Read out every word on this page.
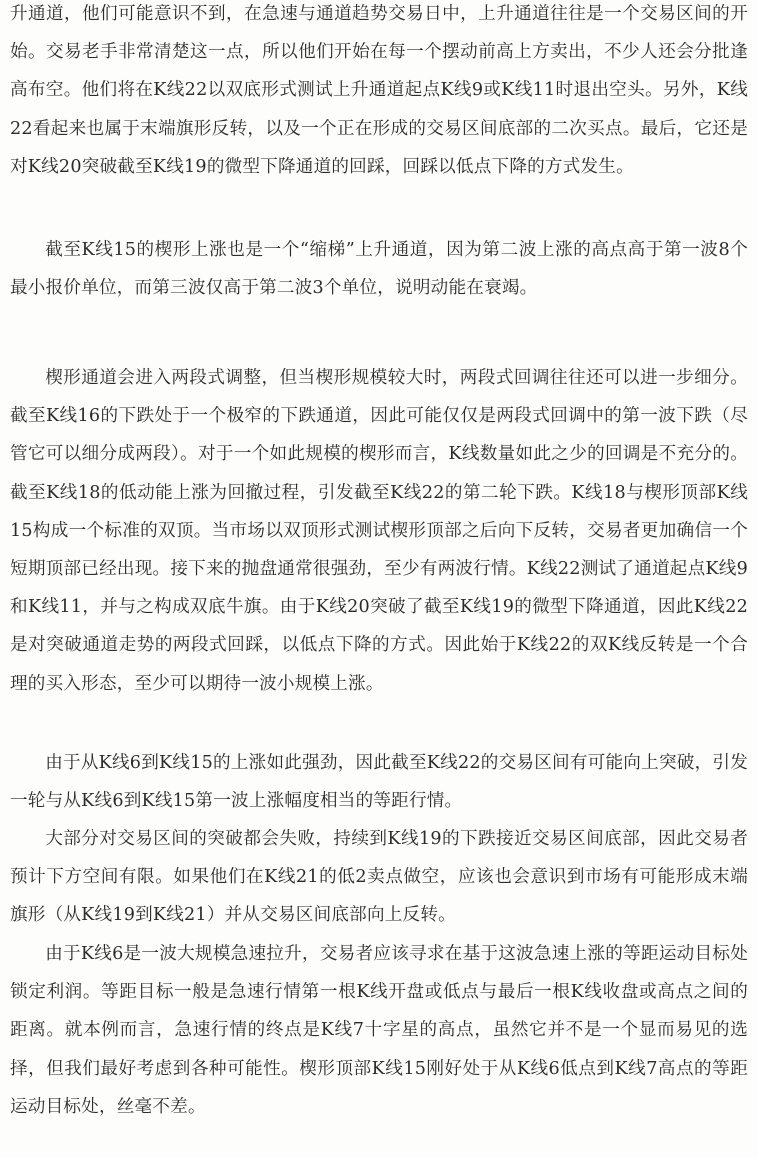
升通道，他们可能意识不到，在急速与通道趋势交易日中，上升通道往往是一个交易区间的开始。交易老手非常清楚这一点，所以他们开始在每一个摆动前高上方卖出，不少人还会分批逢高布空。他们将在K线22以双底形式测试上升通道起点K线9或K线11时退出空头。另外，K线22看起来也属于末端旗形反转，以及一个正在形成的交易区间底部的二次买点。最后，它还是对K线20突破截至K线19的微型下降通道的回踩，回踩以低点下降的方式发生。

截至K线15的楔形上涨也是一个“缩梯”上升通道，因为第二波上涨的高点高于第一波8个最小报价单位，而第三波仅高于第二波3个单位，说明动能在衰竭。

楔形通道会进入两段式调整，但当楔形规模较大时，两段式回调往往还可以进一步细分。截至K线16的下跌处于一个极窄的下跌通道，因此可能仅仅是两段式回调中的第一波下跌（尽管它可以细分成两段）。对于一个如此规模的楔形而言，K线数量如此之少的回调是不充分的。截至K线18的低动能上涨为回撤过程，引发截至K线22的第二轮下跌。K线18与楔形顶部K线15构成一个标准的双顶。当市场以双顶形式测试楔形顶部之后向下反转，交易者更加确信一个短期顶部已经出现。接下来的抛盘通常很强劲，至少有两波行情。K线22测试了通道起点K线9和K线11，并与之构成双底牛旗。由于K线20突破了截至K线19的微型下降通道，因此K线22是对突破通道走势的两段式回踩，以低点下降的方式。因此始于K线22的双K线反转是一个合理的买入形态，至少可以期待一波小规模上涨。

由于从K线6到K线15的上涨如此强劲，因此截至K线22的交易区间有可能向上突破，引发一轮与从K线6到K线15第一波上涨幅度相当的等距行情。

大部分对交易区间的突破都会失败，持续到K线19的下跌接近交易区间底部，因此交易者预计下方空间有限。如果他们在K线21的低2卖点做空，应该也会意识到市场有可能形成末端旗形（从K线19到K线21）并从交易区间底部向上反转。

由于K线6是一波大规模急速拉升，交易者应该寻求在基于这波急速上涨的等距运动目标处锁定利润。等距目标一般是急速行情第一根K线开盘或低点与最后一根K线收盘或高点之间的距离。就本例而言，急速行情的终点是K线7十字星的高点，虽然它并不是一个显而易见的选择，但我们最好考虑到各种可能性。楔形顶部K线15刚好处于从K线6低点到K线7高点的等距运动目标处，丝毫不差。
